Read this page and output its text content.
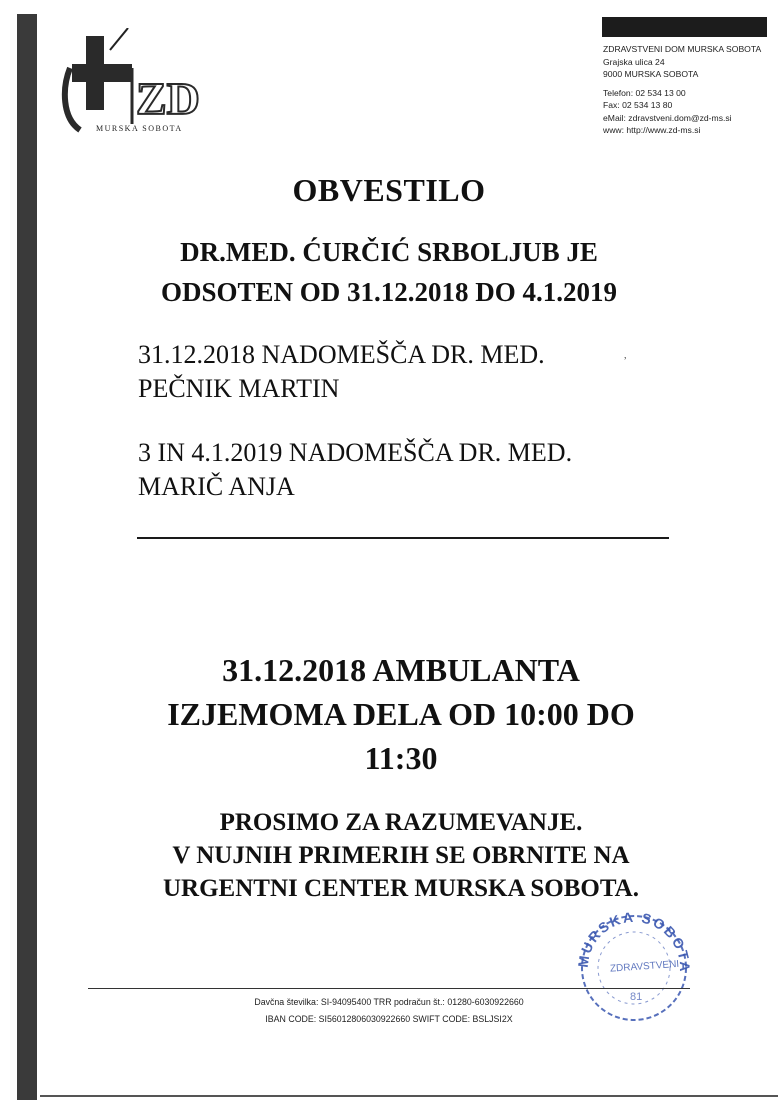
ZD
MURSKA SOBOTA
ZDRAVSTVENI DOM MURSKA SOBOTA
Grajska ulica 24
9000 MURSKA SOBOTA
Telefon: 02 534 13 00
Fax: 02 534 13 80
eMail: zdravstveni.dom@zd-ms.si
www: http://www.zd-ms.si
OBVESTILO
DR.MED. ĆURČIĆ SRBOLJUB JE
ODSOTEN OD 31.12.2018 DO 4.1.2019
31.12.2018 NADOMEŠČA DR. MED.
PEČNIK MARTIN
,
3 IN 4.1.2019 NADOMEŠČA DR. MED.
MARIČ ANJA
31.12.2018 AMBULANTA
IZJEMOMA DELA OD 10:00 DO
11:30
PROSIMO ZA RAZUMEVANJE.
V NUJNIH PRIMERIH SE OBRNITE NA
URGENTNI CENTER MURSKA SOBOTA.
MURSKA SOBOTA
ZDRAVSTVENI
81
Davčna številka: SI-94095400 TRR podračun št.: 01280-6030922660
IBAN CODE: SI56012806030922660 SWIFT CODE: BSLJSI2X
